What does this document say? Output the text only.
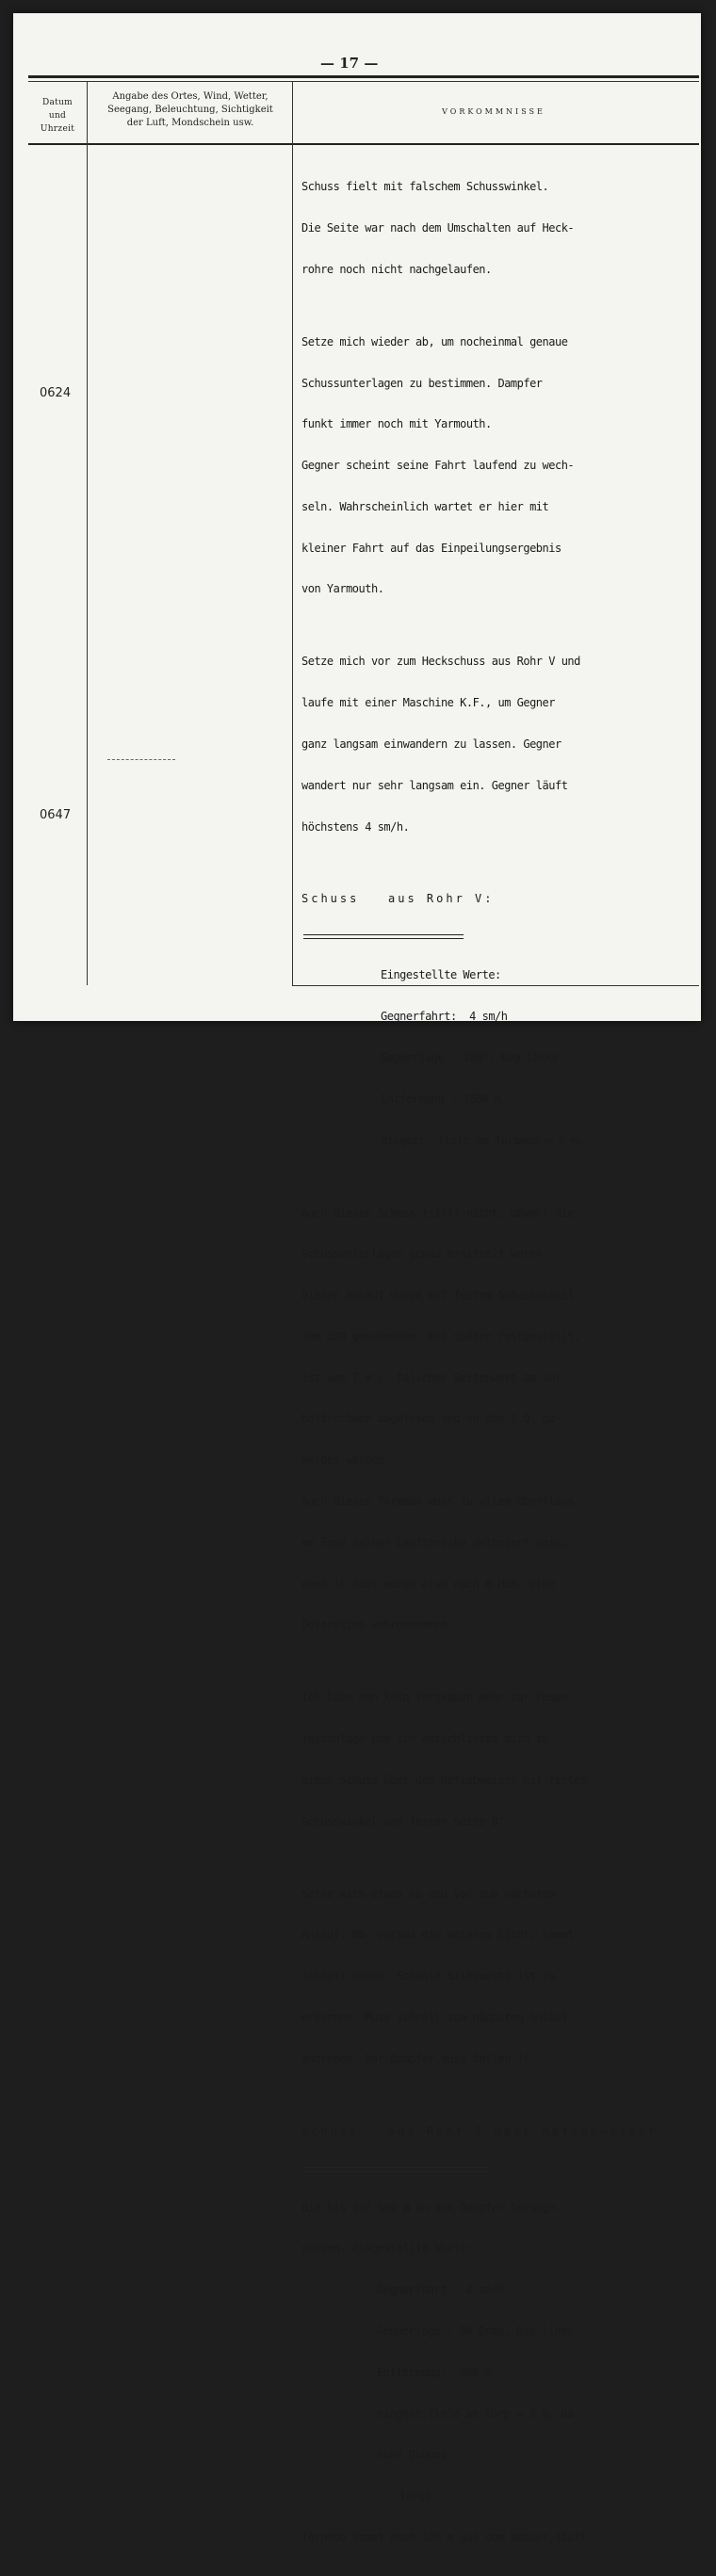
— 17 —
Datum
und
Uhrzeit
Angabe des Ortes, Wind, Wetter,
Seegang, Beleuchtung, Sichtigkeit
der Luft, Mondschein usw.
VORKOMMNISSE
0624
0647

Schuss fielt mit falschem Schusswinkel.

Die Seite war nach dem Umschalten auf Heck-

rohre noch nicht nachgelaufen.

Setze mich wieder ab, um nocheinmal genaue

Schussunterlagen zu bestimmen. Dampfer

funkt immer noch mit Yarmouth.

Gegner scheint seine Fahrt laufend zu wech-

seln. Wahrscheinlich wartet er hier mit

kleiner Fahrt auf das Einpeilungsergebnis

von Yarmouth.

Setze mich vor zum Heckschuss aus Rohr V und

laufe mit einer Maschine K.F., um Gegner

ganz langsam einwandern zu lassen. Gegner

wandert nur sehr langsam ein. Gegner läuft

höchstens 4 sm/h.

Schuss   aus Rohr V:

Eingestellte Werte:

Gegnerfahrt:  4 sm/h

Gegnerlage : 100°, Bug links

Entfernung : 1500 m,

eingest. Tiefe am Torpedo = 2 m.

Auch dieser Schuss trifft nicht, obwohl die

Schussunterlagen genau ermittelt waren.

Dieser Anlauf wurde mit festem Schusswinkel

vom UZO geschossen. Wie später festgestellt,

ist vom T.W.L. falscher Seitenwert am Vor-

haltrechner abgelesen und an den T.O. ge-

meldet worden.

Auch dieser Torpedo muss zu allem Überfluss

am Ende seiner Laufstrecke detoniert sein,

denn im Boot wurde etwa nach 6 Min. eine

Detonation wahrgenommen.

Ich habe nun kein Vertrauen mehr zur Feuer-

leitanlage und ich entschliesse mich zu

einem Schuss über den Netzabweiser mit festem

Schusswinkel und fester Seite 0°.

Setze mich etwas ab und vor zum nächsten

Anlauf. Bb. voraus ein weisses Licht, kommt

schnell näher. Schmale Silhouette ist zu

erkennen. Muss schnell zum nächsten Anlauf

andrehen. Der Dampfer muss fallen !!

Schuss   aus Rohr I über Netzabweiser.

Bin bis auf 500 m an den Dampfer herange-

gangen. Eingestellte Werte:

Gegnerfahrt:  4 sm/h

Gegnerlage : 90 Grad, Bug links

Entfernung:  500 m

eingest.Tiefe am Torp.= 3 m, da

hohe Dünung.

lange.

Torpedo kommt nach 100 m aus dem Wasser,läuft
